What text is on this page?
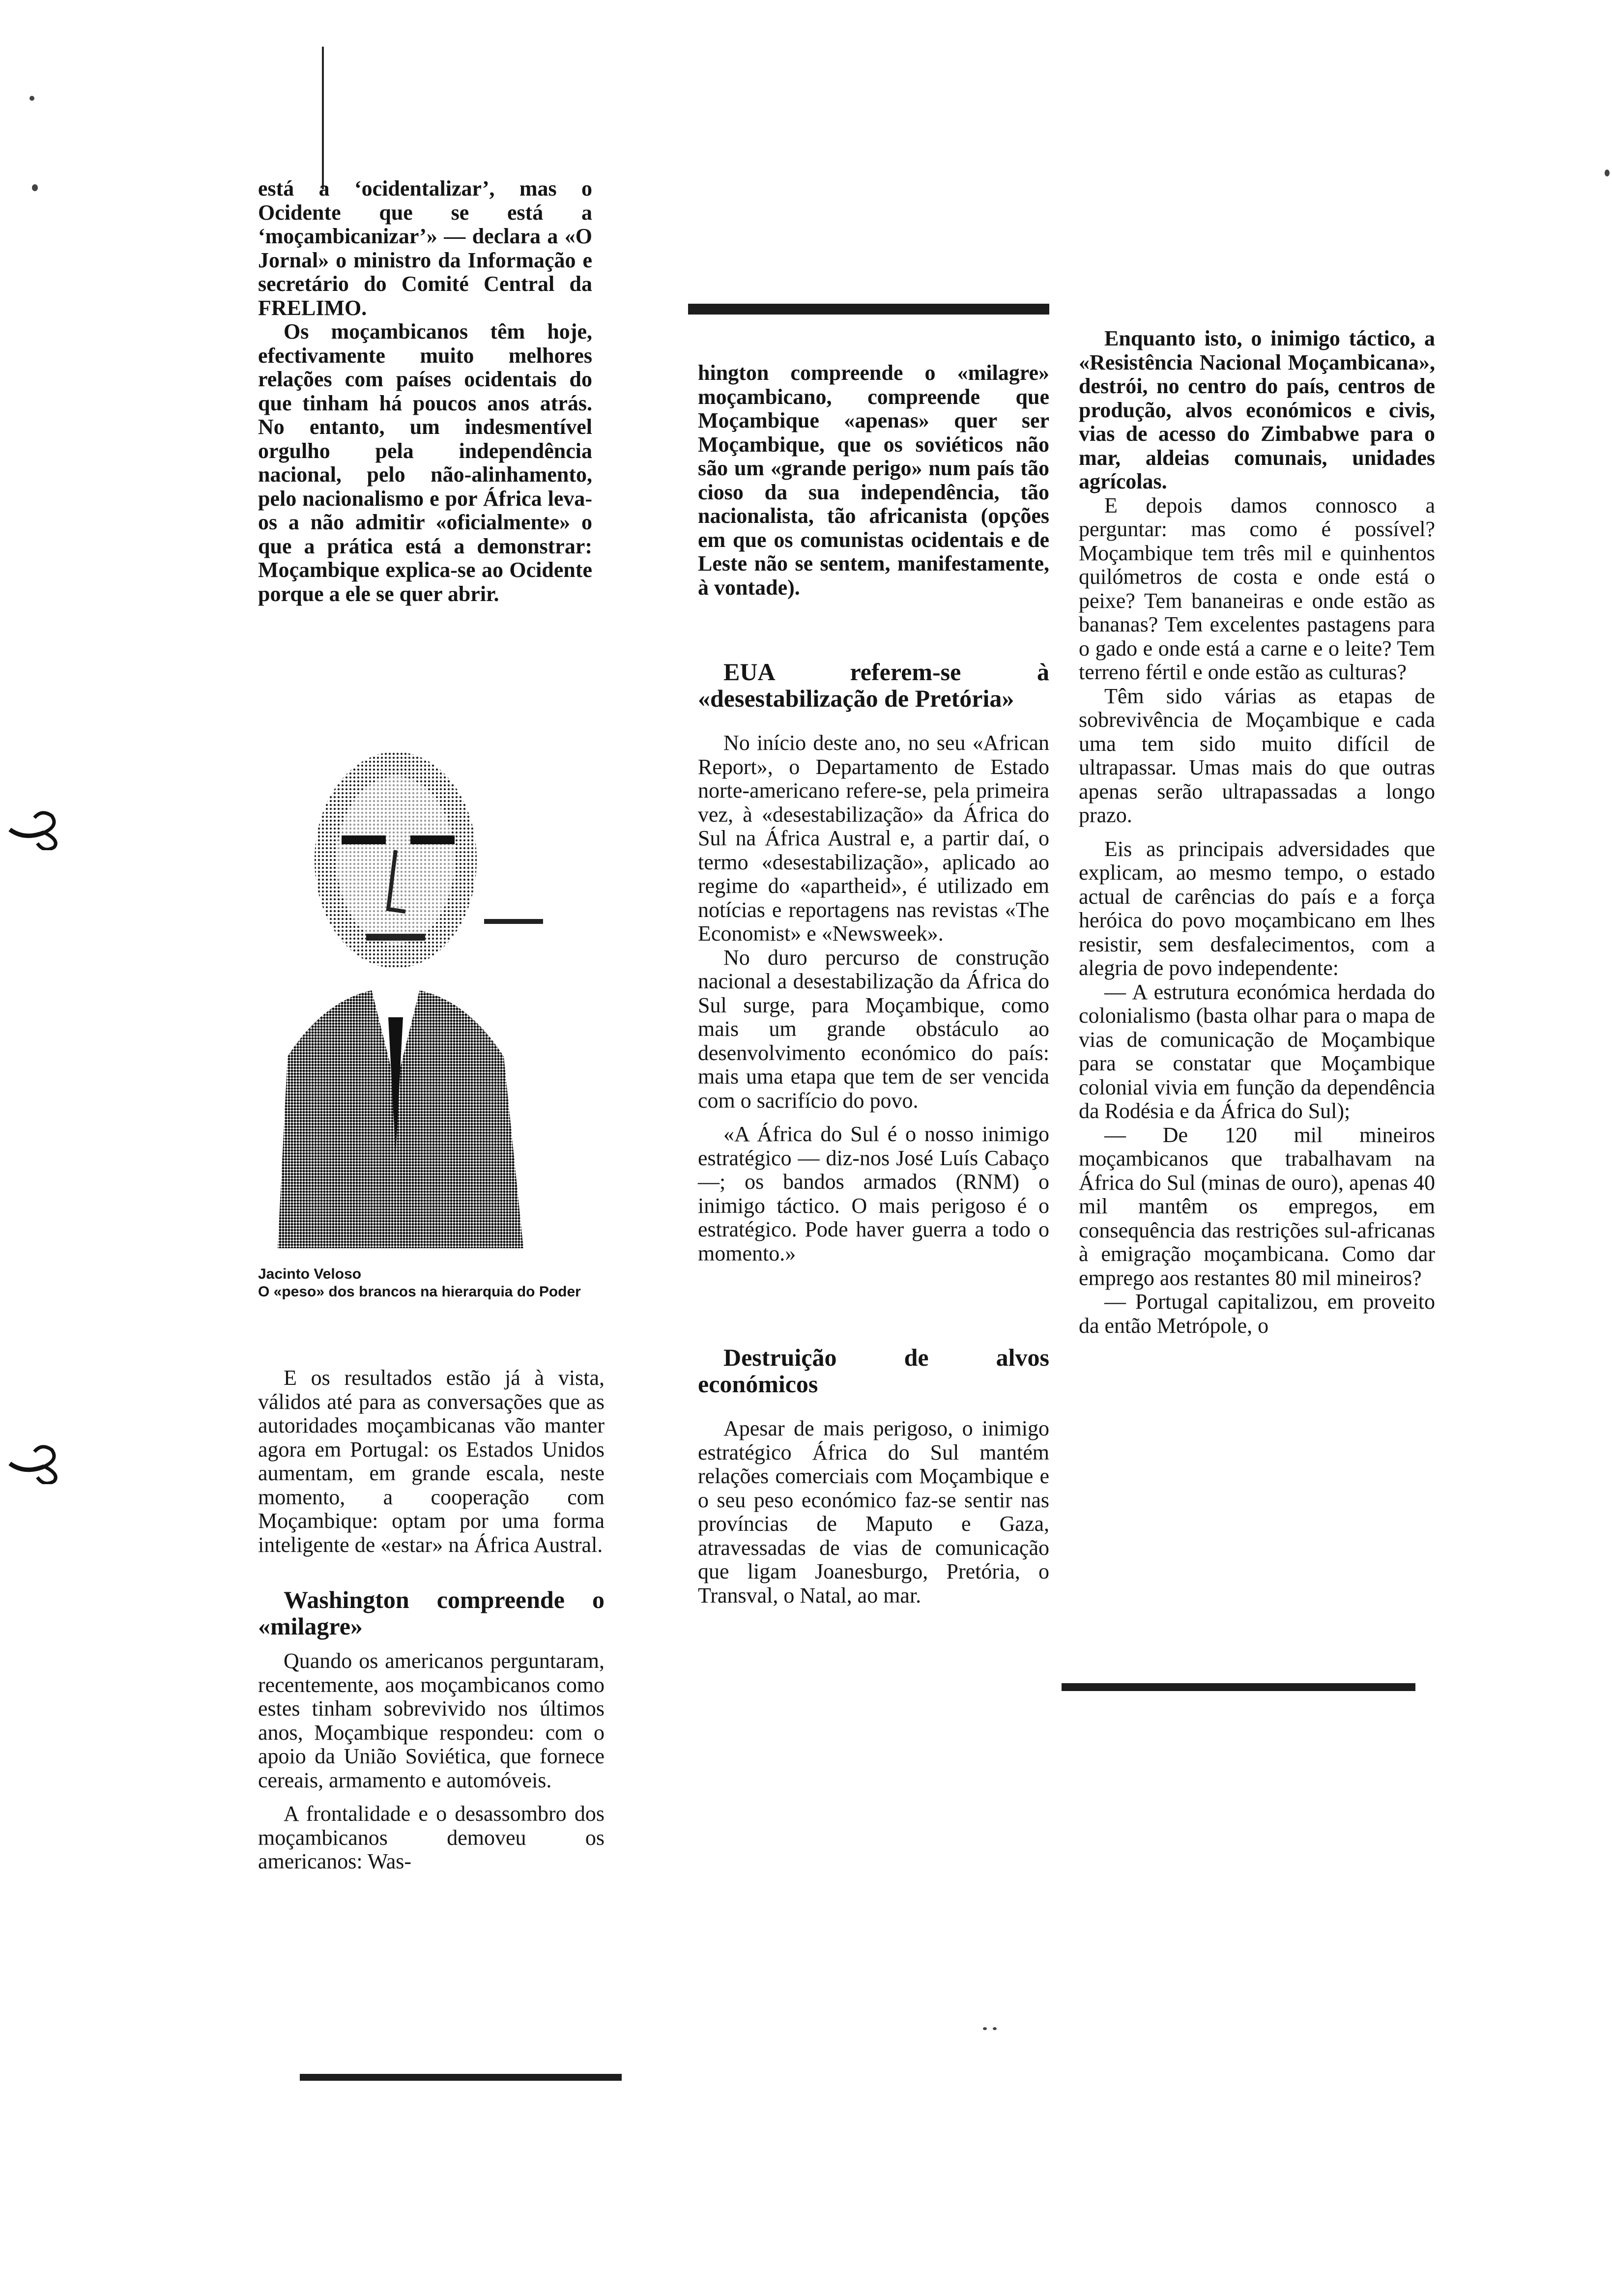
está a ‘ocidentalizar’, mas o Ocidente que se está a ‘moçambicanizar’» — declara a «O Jornal» o ministro da Informação e secretário do Comité Central da FRELIMO.

Os moçambicanos têm hoje, efectivamente muito melhores relações com países ocidentais do que tinham há poucos anos atrás. No entanto, um indesmentível orgulho pela independência nacional, pelo não-alinhamento, pelo nacionalismo e por África leva-os a não admitir «oficialmente» o que a prática está a demonstrar: Moçambique explica-se ao Ocidente porque a ele se quer abrir.

Jacinto Veloso
O «peso» dos brancos na hierarquia do Poder

E os resultados estão já à vista, válidos até para as conversações que as autoridades moçambicanas vão manter agora em Portugal: os Estados Unidos aumentam, em grande escala, neste momento, a cooperação com Moçambique: optam por uma forma inteligente de «estar» na África Austral.

Washington compreende o «milagre»

Quando os americanos perguntaram, recentemente, aos moçambicanos como estes tinham sobrevivido nos últimos anos, Moçambique respondeu: com o apoio da União Soviética, que fornece cereais, armamento e automóveis.

A frontalidade e o desassombro dos moçambicanos demoveu os americanos: Was-

hington compreende o «milagre» moçambicano, compreende que Moçambique «apenas» quer ser Moçambique, que os soviéticos não são um «grande perigo» num país tão cioso da sua independência, tão nacionalista, tão africanista (opções em que os comunistas ocidentais e de Leste não se sentem, manifestamente, à vontade).

EUA referem-se à «desestabilização de Pretória»

No início deste ano, no seu «African Report», o Departamento de Estado norte-americano refere-se, pela primeira vez, à «desestabilização» da África do Sul na África Austral e, a partir daí, o termo «desestabilização», aplicado ao regime do «apartheid», é utilizado em notícias e reportagens nas revistas «The Economist» e «Newsweek».

No duro percurso de construção nacional a desestabilização da África do Sul surge, para Moçambique, como mais um grande obstáculo ao desenvolvimento económico do país: mais uma etapa que tem de ser vencida com o sacrifício do povo.

«A África do Sul é o nosso inimigo estratégico — diz-nos José Luís Cabaço —; os bandos armados (RNM) o inimigo táctico. O mais perigoso é o estratégico. Pode haver guerra a todo o momento.»

Destruição de alvos económicos

Apesar de mais perigoso, o inimigo estratégico África do Sul mantém relações comerciais com Moçambique e o seu peso económico faz-se sentir nas províncias de Maputo e Gaza, atravessadas de vias de comunicação que ligam Joanesburgo, Pretória, o Transval, o Natal, ao mar.

Enquanto isto, o inimigo táctico, a «Resistência Nacional Moçambicana», destrói, no centro do país, centros de produção, alvos económicos e civis, vias de acesso do Zimbabwe para o mar, aldeias comunais, unidades agrícolas.

E depois damos connosco a perguntar: mas como é possível? Moçambique tem três mil e quinhentos quilómetros de costa e onde está o peixe? Tem bananeiras e onde estão as bananas? Tem excelentes pastagens para o gado e onde está a carne e o leite? Tem terreno fértil e onde estão as culturas?

Têm sido várias as etapas de sobrevivência de Moçambique e cada uma tem sido muito difícil de ultrapassar. Umas mais do que outras apenas serão ultrapassadas a longo prazo.

Eis as principais adversidades que explicam, ao mesmo tempo, o estado actual de carências do país e a força heróica do povo moçambicano em lhes resistir, sem desfalecimentos, com a alegria de povo independente:

— A estrutura económica herdada do colonialismo (basta olhar para o mapa de vias de comunicação de Moçambique para se constatar que Moçambique colonial vivia em função da dependência da Rodésia e da África do Sul);

— De 120 mil mineiros moçambicanos que trabalhavam na África do Sul (minas de ouro), apenas 40 mil mantêm os empregos, em consequência das restrições sul-africanas à emigração moçambicana. Como dar emprego aos restantes 80 mil mineiros?

— Portugal capitalizou, em proveito da então Metrópole, o
